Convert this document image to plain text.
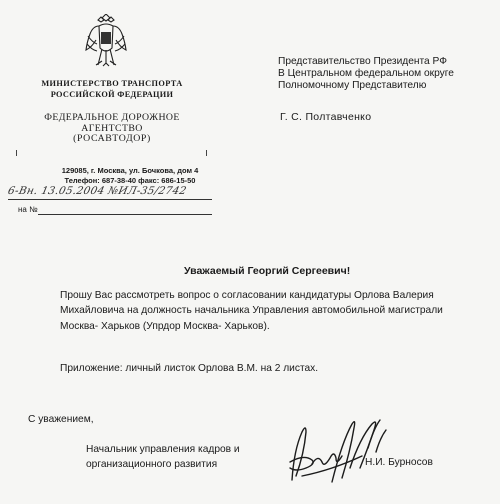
МИНИСТЕРСТВО ТРАНСПОРТА
РОССИЙСКОЙ ФЕДЕРАЦИИ
ФЕДЕРАЛЬНОЕ ДОРОЖНОЕ АГЕНТСТВО
(РОСАВТОДОР)
129085, г. Москва, ул. Бочкова, дом 4
Телефон: 687-38-40 факс: 686-15-50
6-Вн. 13.05.2004 №ИЛ-35/2742
на №
Представительство Президента РФ
В Центральном федеральном округе
Полномочному Представителю
Г. С. Полтавченко
Уважаемый Георгий Сергеевич!
Прошу Вас рассмотреть вопрос о согласовании кандидатуры Орлова Валерия
Михайловича на должность начальника Управления автомобильной магистрали
Москва- Харьков (Упрдор Москва- Харьков).
Приложение: личный листок Орлова В.М. на 2 листах.
С уважением,
Начальник управления кадров и
организационного развития	Н.И. Бурносов
